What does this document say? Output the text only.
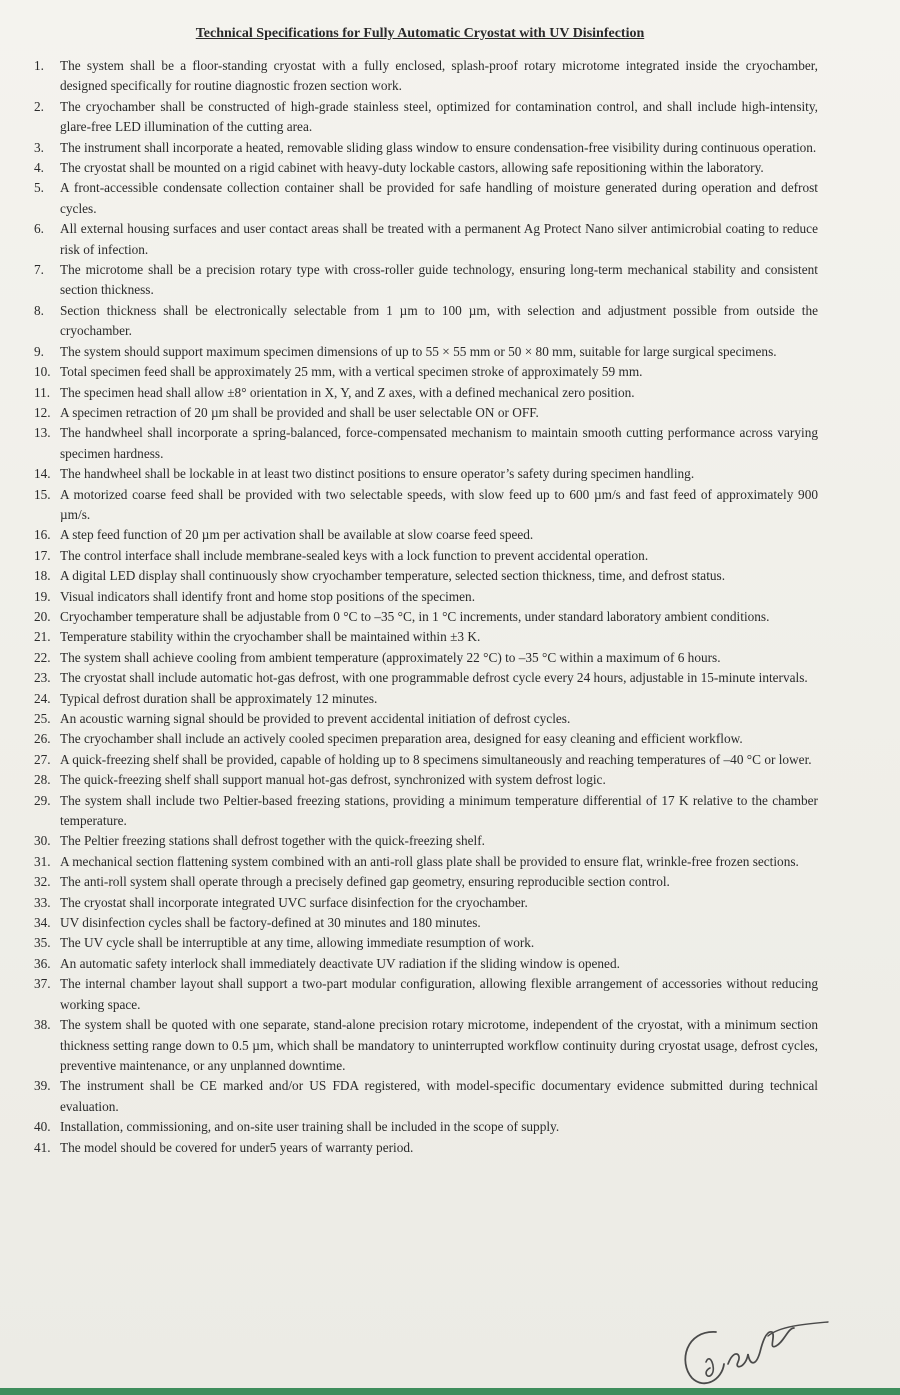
Technical Specifications for Fully Automatic Cryostat with UV Disinfection
1.	The system shall be a floor-standing cryostat with a fully enclosed, splash-proof rotary microtome integrated inside the cryochamber, designed specifically for routine diagnostic frozen section work.
2.	The cryochamber shall be constructed of high-grade stainless steel, optimized for contamination control, and shall include high-intensity, glare-free LED illumination of the cutting area.
3.	The instrument shall incorporate a heated, removable sliding glass window to ensure condensation-free visibility during continuous operation.
4.	The cryostat shall be mounted on a rigid cabinet with heavy-duty lockable castors, allowing safe repositioning within the laboratory.
5.	A front-accessible condensate collection container shall be provided for safe handling of moisture generated during operation and defrost cycles.
6.	All external housing surfaces and user contact areas shall be treated with a permanent Ag Protect Nano silver antimicrobial coating to reduce risk of infection.
7.	The microtome shall be a precision rotary type with cross-roller guide technology, ensuring long-term mechanical stability and consistent section thickness.
8.	Section thickness shall be electronically selectable from 1 µm to 100 µm, with selection and adjustment possible from outside the cryochamber.
9.	The system should support maximum specimen dimensions of up to 55 × 55 mm or 50 × 80 mm, suitable for large surgical specimens.
10. Total specimen feed shall be approximately 25 mm, with a vertical specimen stroke of approximately 59 mm.
11. The specimen head shall allow ±8° orientation in X, Y, and Z axes, with a defined mechanical zero position.
12. A specimen retraction of 20 µm shall be provided and shall be user selectable ON or OFF.
13. The handwheel shall incorporate a spring-balanced, force-compensated mechanism to maintain smooth cutting performance across varying specimen hardness.
14. The handwheel shall be lockable in at least two distinct positions to ensure operator’s safety during specimen handling.
15. A motorized coarse feed shall be provided with two selectable speeds, with slow feed up to 600 µm/s and fast feed of approximately 900 µm/s.
16. A step feed function of 20 µm per activation shall be available at slow coarse feed speed.
17. The control interface shall include membrane-sealed keys with a lock function to prevent accidental operation.
18. A digital LED display shall continuously show cryochamber temperature, selected section thickness, time, and defrost status.
19. Visual indicators shall identify front and home stop positions of the specimen.
20. Cryochamber temperature shall be adjustable from 0 °C to –35 °C, in 1 °C increments, under standard laboratory ambient conditions.
21. Temperature stability within the cryochamber shall be maintained within ±3 K.
22. The system shall achieve cooling from ambient temperature (approximately 22 °C) to –35 °C within a maximum of 6 hours.
23. The cryostat shall include automatic hot-gas defrost, with one programmable defrost cycle every 24 hours, adjustable in 15-minute intervals.
24. Typical defrost duration shall be approximately 12 minutes.
25. An acoustic warning signal should be provided to prevent accidental initiation of defrost cycles.
26. The cryochamber shall include an actively cooled specimen preparation area, designed for easy cleaning and efficient workflow.
27. A quick-freezing shelf shall be provided, capable of holding up to 8 specimens simultaneously and reaching temperatures of –40 °C or lower.
28. The quick-freezing shelf shall support manual hot-gas defrost, synchronized with system defrost logic.
29. The system shall include two Peltier-based freezing stations, providing a minimum temperature differential of 17 K relative to the chamber temperature.
30. The Peltier freezing stations shall defrost together with the quick-freezing shelf.
31. A mechanical section flattening system combined with an anti-roll glass plate shall be provided to ensure flat, wrinkle-free frozen sections.
32. The anti-roll system shall operate through a precisely defined gap geometry, ensuring reproducible section control.
33. The cryostat shall incorporate integrated UVC surface disinfection for the cryochamber.
34. UV disinfection cycles shall be factory-defined at 30 minutes and 180 minutes.
35. The UV cycle shall be interruptible at any time, allowing immediate resumption of work.
36. An automatic safety interlock shall immediately deactivate UV radiation if the sliding window is opened.
37. The internal chamber layout shall support a two-part modular configuration, allowing flexible arrangement of accessories without reducing working space.
38. The system shall be quoted with one separate, stand-alone precision rotary microtome, independent of the cryostat, with a minimum section thickness setting range down to 0.5 µm, which shall be mandatory to uninterrupted workflow continuity during cryostat usage, defrost cycles, preventive maintenance, or any unplanned downtime.
39. The instrument shall be CE marked and/or US FDA registered, with model-specific documentary evidence submitted during technical evaluation.
40. Installation, commissioning, and on-site user training shall be included in the scope of supply.
41. The model should be covered for under5 years of warranty period.
